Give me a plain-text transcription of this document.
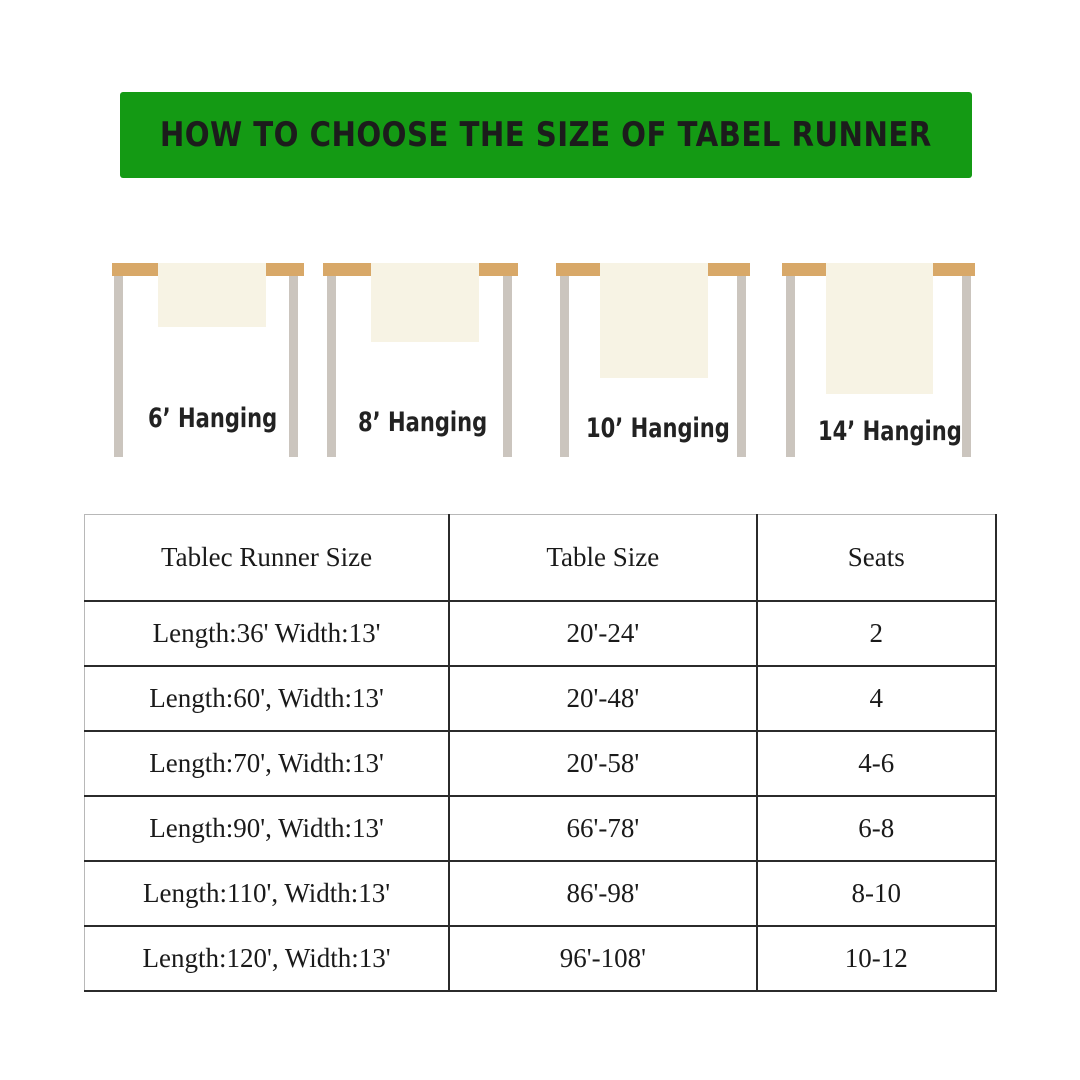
HOW TO CHOOSE THE SIZE OF TABEL RUNNER
6’ Hanging	8’ Hanging	10’ Hanging	14’ Hanging
Tablec Runner Size	Table Size	Seats
Length:36' Width:13'	20'-24'	2
Length:60', Width:13'	20'-48'	4
Length:70', Width:13'	20'-58'	4-6
Length:90', Width:13'	66'-78'	6-8
Length:110', Width:13'	86'-98'	8-10
Length:120', Width:13'	96'-108'	10-12
